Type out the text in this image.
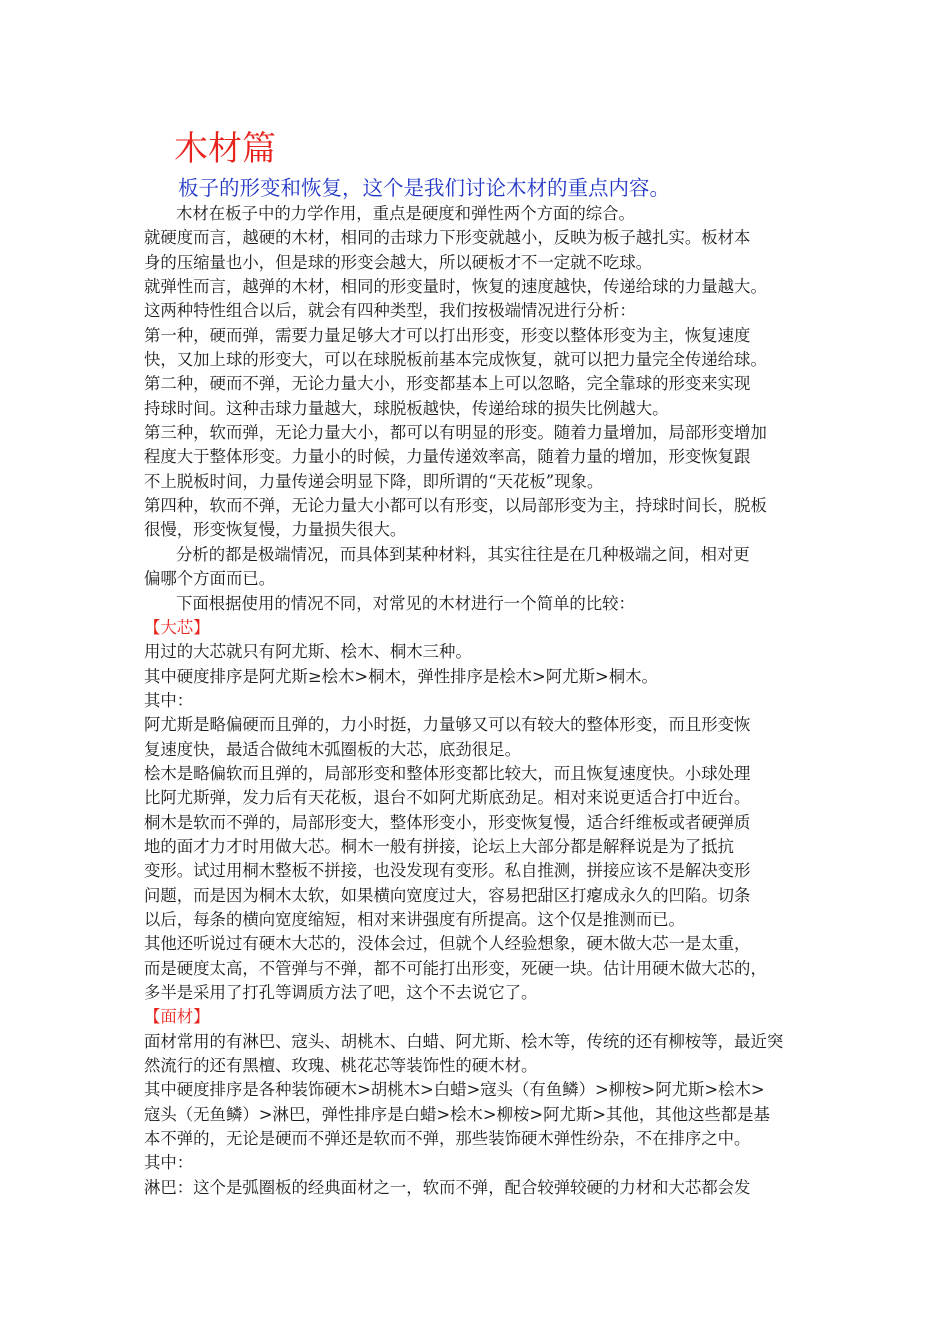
木材篇
板子的形变和恢复，这个是我们讨论木材的重点内容。
木材在板子中的力学作用，重点是硬度和弹性两个方面的综合。
就硬度而言，越硬的木材，相同的击球力下形变就越小，反映为板子越扎实。板材本
身的压缩量也小，但是球的形变会越大，所以硬板才不一定就不吃球。
就弹性而言，越弹的木材，相同的形变量时，恢复的速度越快，传递给球的力量越大。
这两种特性组合以后，就会有四种类型，我们按极端情况进行分析：
第一种，硬而弹，需要力量足够大才可以打出形变，形变以整体形变为主，恢复速度
快，又加上球的形变大，可以在球脱板前基本完成恢复，就可以把力量完全传递给球。
第二种，硬而不弹，无论力量大小，形变都基本上可以忽略，完全靠球的形变来实现
持球时间。这种击球力量越大，球脱板越快，传递给球的损失比例越大。
第三种，软而弹，无论力量大小，都可以有明显的形变。随着力量增加，局部形变增加
程度大于整体形变。力量小的时候，力量传递效率高，随着力量的增加，形变恢复跟
不上脱板时间，力量传递会明显下降，即所谓的“天花板”现象。
第四种，软而不弹，无论力量大小都可以有形变，以局部形变为主，持球时间长，脱板
很慢，形变恢复慢，力量损失很大。
分析的都是极端情况，而具体到某种材料，其实往往是在几种极端之间，相对更
偏哪个方面而已。
下面根据使用的情况不同，对常见的木材进行一个简单的比较：
【大芯】
用过的大芯就只有阿尤斯、桧木、桐木三种。
其中硬度排序是阿尤斯≥桧木>桐木，弹性排序是桧木>阿尤斯>桐木。
其中：
阿尤斯是略偏硬而且弹的，力小时挺，力量够又可以有较大的整体形变，而且形变恢
复速度快，最适合做纯木弧圈板的大芯，底劲很足。
桧木是略偏软而且弹的，局部形变和整体形变都比较大，而且恢复速度快。小球处理
比阿尤斯弹，发力后有天花板，退台不如阿尤斯底劲足。相对来说更适合打中近台。
桐木是软而不弹的，局部形变大，整体形变小，形变恢复慢，适合纤维板或者硬弹质
地的面才力才时用做大芯。桐木一般有拼接，论坛上大部分都是解释说是为了抵抗
变形。试过用桐木整板不拼接，也没发现有变形。私自推测，拼接应该不是解决变形
问题，而是因为桐木太软，如果横向宽度过大，容易把甜区打瘪成永久的凹陷。切条
以后，每条的横向宽度缩短，相对来讲强度有所提高。这个仅是推测而已。
其他还听说过有硬木大芯的，没体会过，但就个人经验想象，硬木做大芯一是太重，
而是硬度太高，不管弹与不弹，都不可能打出形变，死硬一块。估计用硬木做大芯的，
多半是采用了打孔等调质方法了吧，这个不去说它了。
【面材】
面材常用的有淋巴、寇头、胡桃木、白蜡、阿尤斯、桧木等，传统的还有柳桉等，最近突
然流行的还有黑檀、玫瑰、桃花芯等装饰性的硬木材。
其中硬度排序是各种装饰硬木>胡桃木>白蜡>寇头（有鱼鳞）>柳桉>阿尤斯>桧木>
寇头（无鱼鳞）>淋巴，弹性排序是白蜡>桧木>柳桉>阿尤斯>其他，其他这些都是基
本不弹的，无论是硬而不弹还是软而不弹，那些装饰硬木弹性纷杂，不在排序之中。
其中：
淋巴：这个是弧圈板的经典面材之一，软而不弹，配合较弹较硬的力材和大芯都会发
